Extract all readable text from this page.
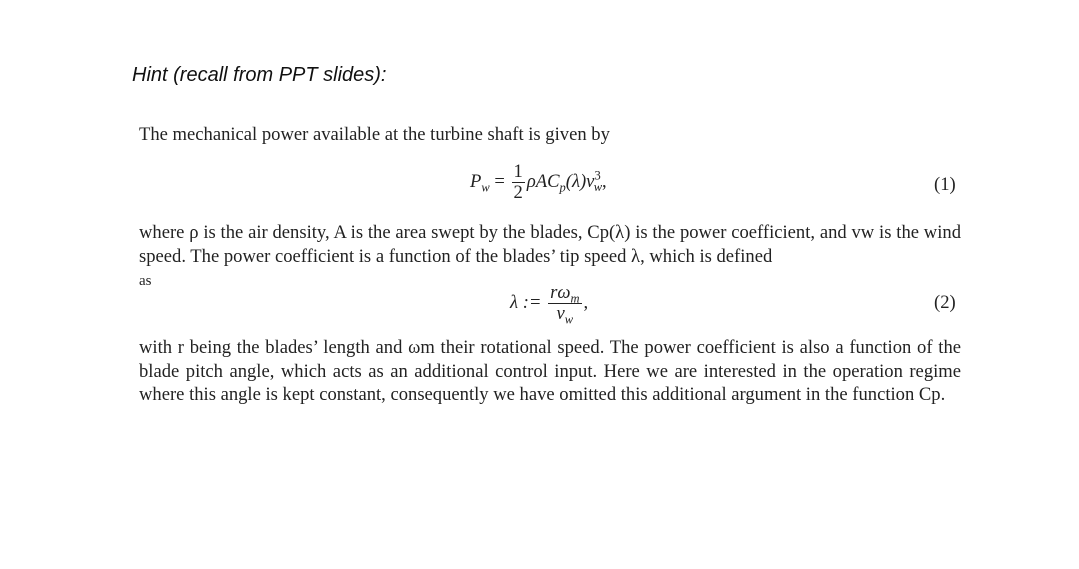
Hint (recall from PPT slides):
The mechanical power available at the turbine shaft is given by
$P_w = \frac{1}{2} \rho AC_p(\lambda)v^3_w$,	(1)
where ρ is the air density, A is the area swept by the blades, Cp(λ) is the power coefficient, and vw is the wind speed. The power coefficient is a function of the blades’ tip speed λ, which is defined
as
λ := $\frac{r\omega_m}{v_w}$ ,	(2)
with r being the blades’ length and ωm their rotational speed. The power coefficient is also a function of the blade pitch angle, which acts as an additional control input. Here we are interested in the operation regime where this angle is kept constant, consequently we have omitted this additional argument in the function Cp.
